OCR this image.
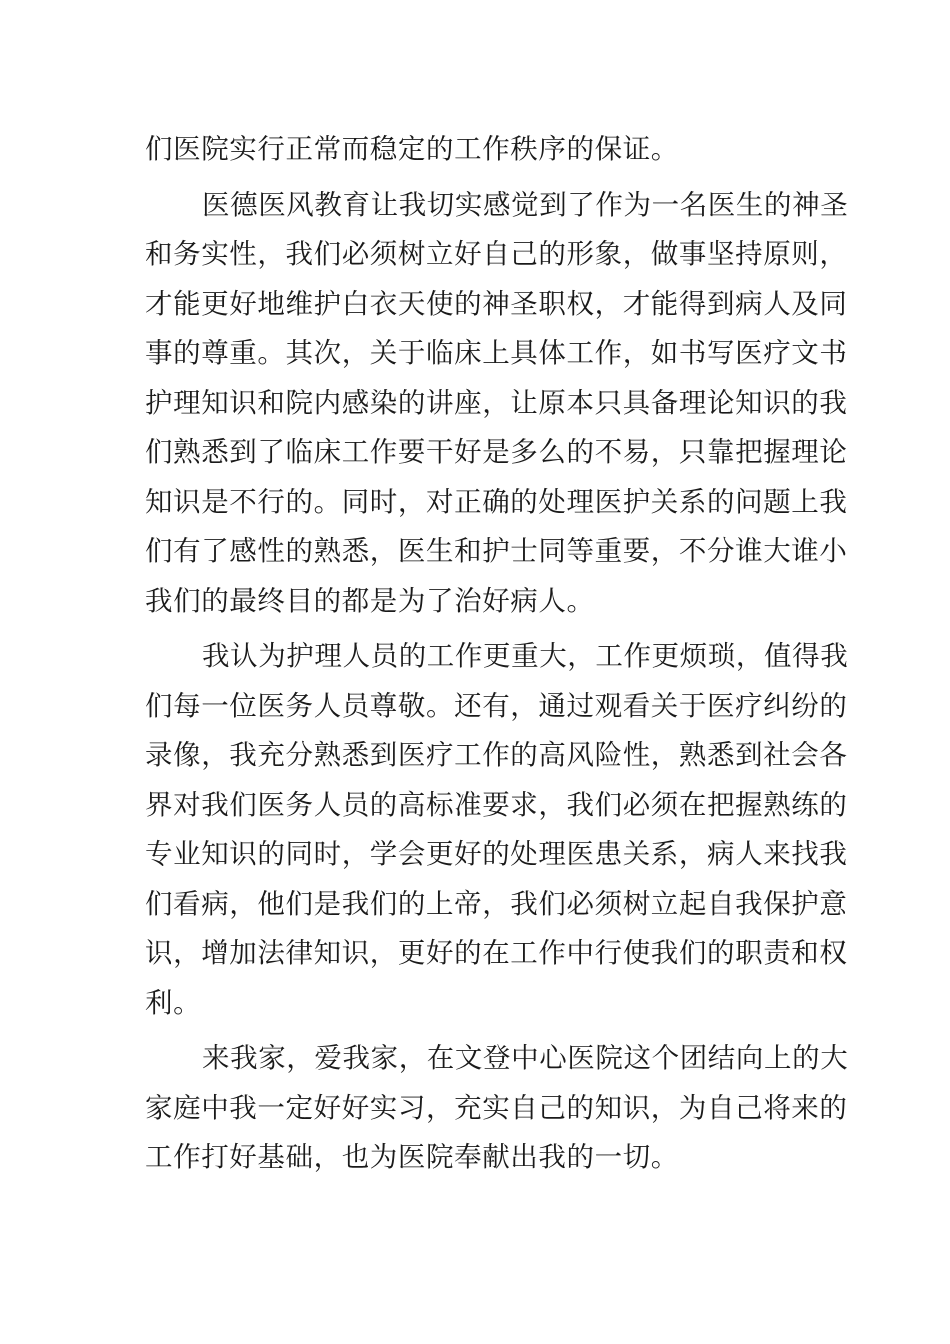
们医院实行正常而稳定的工作秩序的保证。
医德医风教育让我切实感觉到了作为一名医生的神圣
和务实性，我们必须树立好自己的形象，做事坚持原则，
才能更好地维护白衣天使的神圣职权，才能得到病人及同
事的尊重。其次，关于临床上具体工作，如书写医疗文书
护理知识和院内感染的讲座，让原本只具备理论知识的我
们熟悉到了临床工作要干好是多么的不易，只靠把握理论
知识是不行的。同时，对正确的处理医护关系的问题上我
们有了感性的熟悉，医生和护士同等重要，不分谁大谁小
我们的最终目的都是为了治好病人。
我认为护理人员的工作更重大，工作更烦琐，值得我
们每一位医务人员尊敬。还有，通过观看关于医疗纠纷的
录像，我充分熟悉到医疗工作的高风险性，熟悉到社会各
界对我们医务人员的高标准要求，我们必须在把握熟练的
专业知识的同时，学会更好的处理医患关系，病人来找我
们看病，他们是我们的上帝，我们必须树立起自我保护意
识，增加法律知识，更好的在工作中行使我们的职责和权
利。
来我家，爱我家，在文登中心医院这个团结向上的大
家庭中我一定好好实习，充实自己的知识，为自己将来的
工作打好基础，也为医院奉献出我的一切。
